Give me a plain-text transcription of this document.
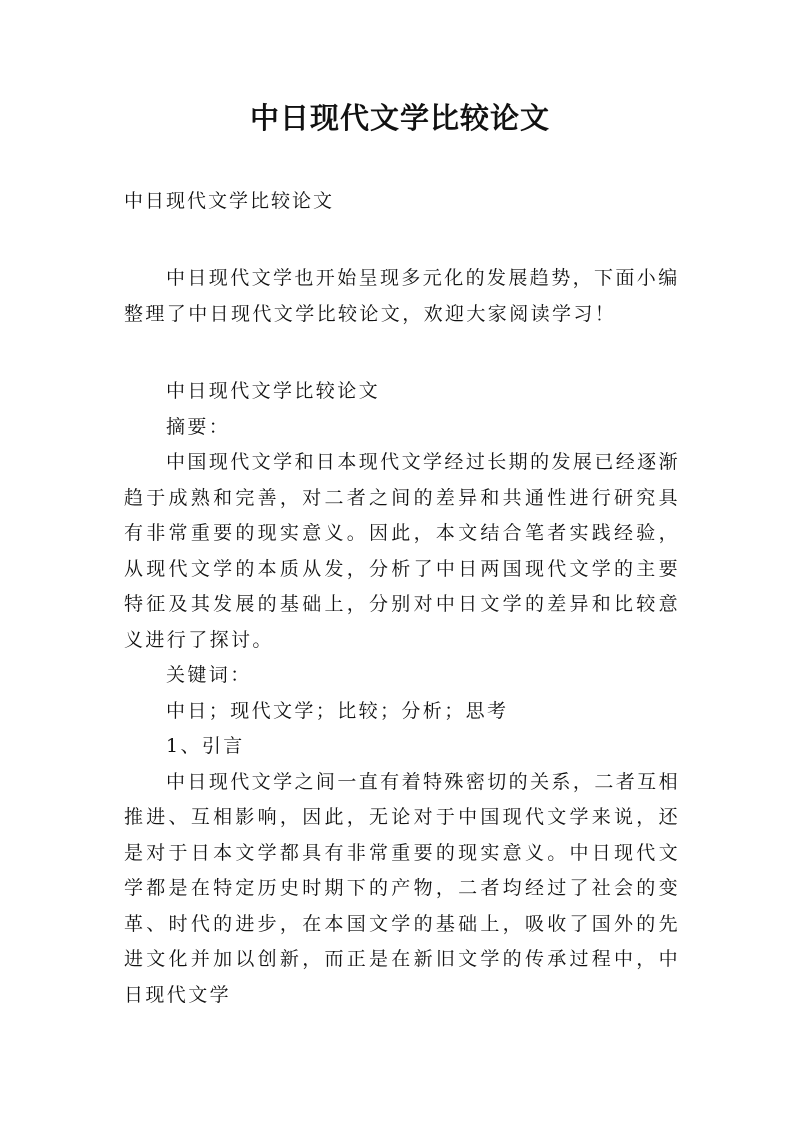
中日现代文学比较论文
中日现代文学比较论文

中日现代文学也开始呈现多元化的发展趋势，下面小编整理了中日现代文学比较论文，欢迎大家阅读学习！

中日现代文学比较论文

摘要：

中国现代文学和日本现代文学经过长期的发展已经逐渐趋于成熟和完善，对二者之间的差异和共通性进行研究具有非常重要的现实意义。因此，本文结合笔者实践经验，从现代文学的本质从发，分析了中日两国现代文学的主要特征及其发展的基础上，分别对中日文学的差异和比较意义进行了探讨。

关键词：

中日；现代文学；比较；分析；思考

1、引言

中日现代文学之间一直有着特殊密切的关系，二者互相推进、互相影响，因此，无论对于中国现代文学来说，还是对于日本文学都具有非常重要的现实意义。中日现代文学都是在特定历史时期下的产物，二者均经过了社会的变革、时代的进步，在本国文学的基础上，吸收了国外的先进文化并加以创新，而正是在新旧文学的传承过程中，中日现代文学
